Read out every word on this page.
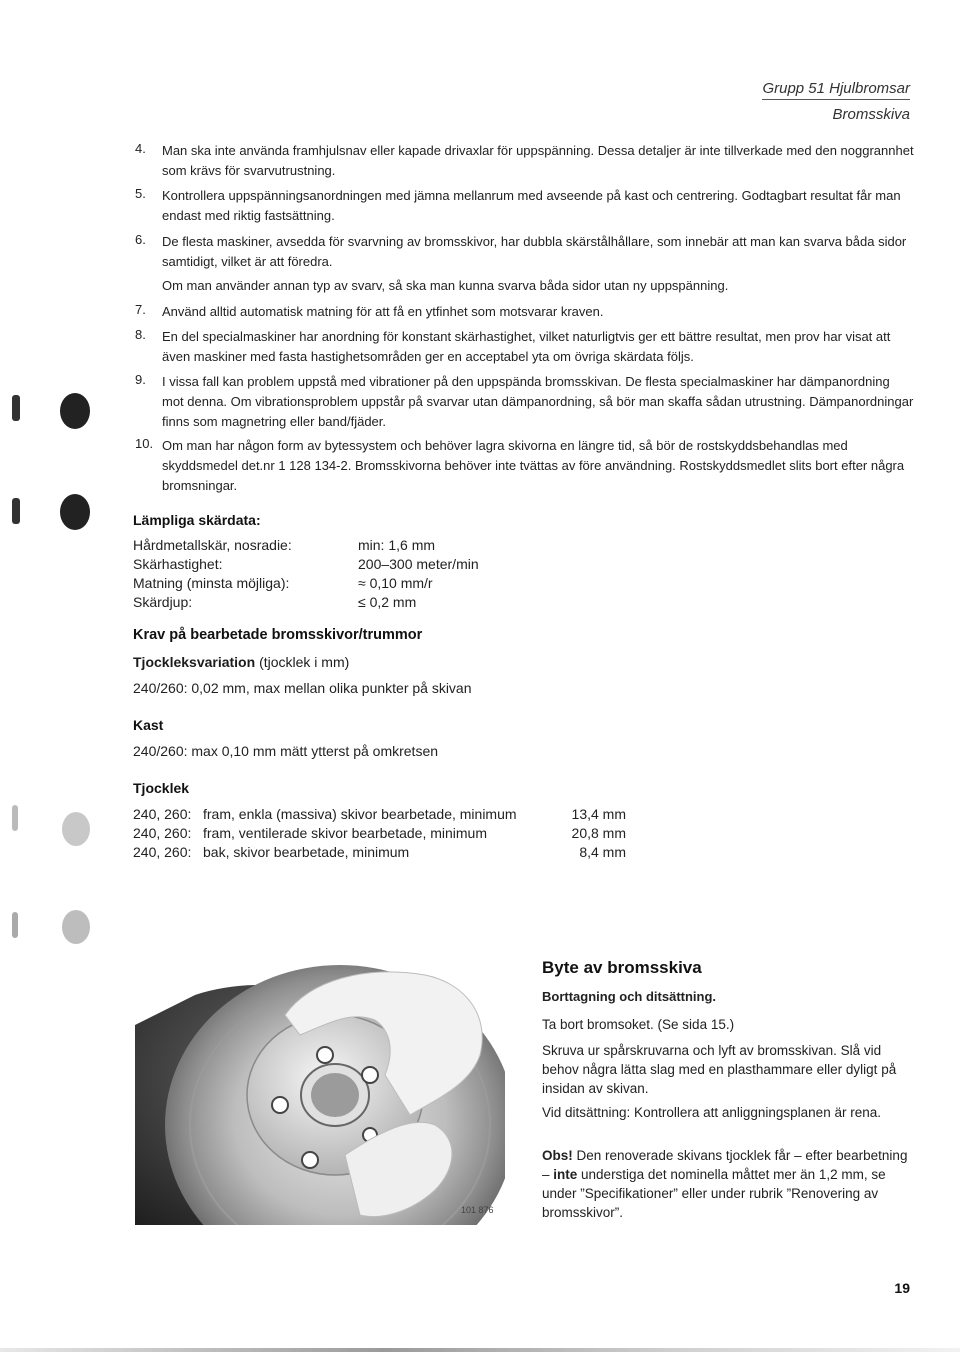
Grupp 51 Hjulbromsar
Bromsskiva
4. Man ska inte använda framhjulsnav eller kapade drivaxlar för uppspänning. Dessa detaljer är inte tillverkade med den noggrannhet som krävs för svarvutrustning.
5. Kontrollera uppspänningsanordningen med jämna mellanrum med avseende på kast och centrering. Godtagbart resultat får man endast med riktig fastsättning.
6. De flesta maskiner, avsedda för svarvning av bromsskivor, har dubbla skärstålhållare, som innebär att man kan svarva båda sidor samtidigt, vilket är att föredra.
Om man använder annan typ av svarv, så ska man kunna svarva båda sidor utan ny uppspänning.
7. Använd alltid automatisk matning för att få en ytfinhet som motsvarar kraven.
8. En del specialmaskiner har anordning för konstant skärhastighet, vilket naturligtvis ger ett bättre resultat, men prov har visat att även maskiner med fasta hastighetsområden ger en acceptabel yta om övriga skärdata följs.
9. I vissa fall kan problem uppstå med vibrationer på den uppspända bromsskivan. De flesta specialmaskiner har dämpanordning mot denna. Om vibrationsproblem uppstår på svarvar utan dämpanordning, så bör man skaffa sådan utrustning. Dämpanordningar finns som magnetring eller band/fjäder.
10. Om man har någon form av bytessystem och behöver lagra skivorna en längre tid, så bör de rostskyddsbehandlas med skyddsmedel det.nr 1 128 134-2. Bromsskivorna behöver inte tvättas av före användning. Rostskyddsmedlet slits bort efter några bromsningar.
Lämpliga skärdata:
Hårdmetallskär, nosradie:	min: 1,6 mm
Skärhastighet:	200–300 meter/min
Matning (minsta möjliga):	≈ 0,10 mm/r
Skärdjup:	≤ 0,2 mm
Krav på bearbetade bromsskivor/trummor
Tjockleksvariation (tjocklek i mm)
240/260: 0,02 mm, max mellan olika punkter på skivan
Kast
240/260: max 0,10 mm mätt ytterst på omkretsen
Tjocklek
240, 260: fram, enkla (massiva) skivor bearbetade, minimum	13,4 mm
240, 260: fram, ventilerade skivor bearbetade, minimum	20,8 mm
240, 260: bak, skivor bearbetade, minimum	8,4 mm
101 876
Byte av bromsskiva
Borttagning och ditsättning.
Ta bort bromsoket. (Se sida 15.)
Skruva ur spårskruvarna och lyft av bromsskivan. Slå vid behov några lätta slag med en plasthammare eller dyligt på insidan av skivan.
Vid ditsättning: Kontrollera att anliggningsplanen är rena.
Obs! Den renoverade skivans tjocklek får – efter bearbetning – inte understiga det nominella måttet mer än 1,2 mm, se under ”Specifikationer” eller under rubrik ”Renovering av bromsskivor”.
19
